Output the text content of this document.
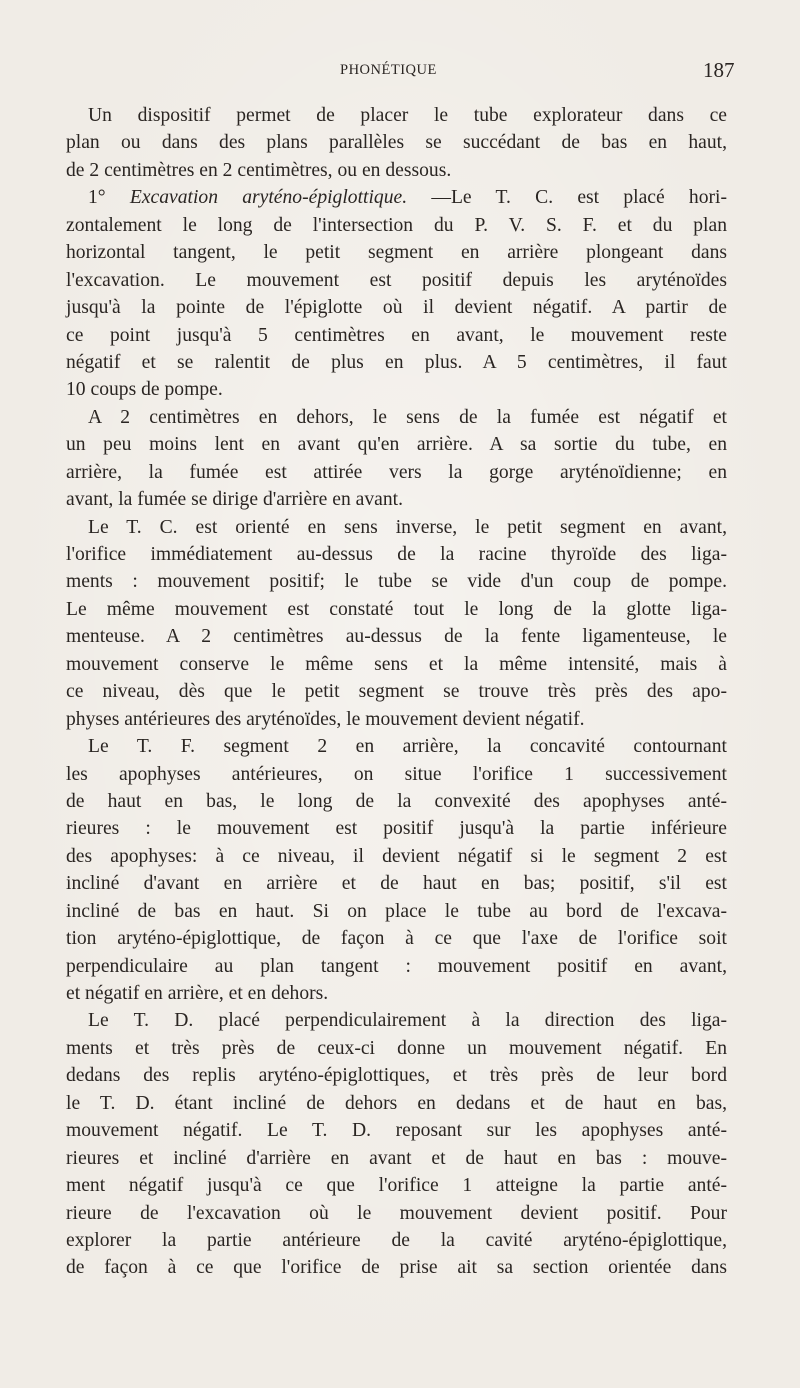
PHONÉTIQUE	187
Un dispositif permet de placer le tube explorateur dans ce
plan ou dans des plans parallèles se succédant de bas en haut,
de 2 centimètres en 2 centimètres, ou en dessous.
1° Excavation aryténo-épiglottique. —Le T. C. est placé hori-
zontalement le long de l'intersection du P. V. S. F. et du plan
horizontal tangent, le petit segment en arrière plongeant dans
l'excavation. Le mouvement est positif depuis les aryténoïdes
jusqu'à la pointe de l'épiglotte où il devient négatif. A partir de
ce point jusqu'à 5 centimètres en avant, le mouvement reste
négatif et se ralentit de plus en plus. A 5 centimètres, il faut
10 coups de pompe.
A 2 centimètres en dehors, le sens de la fumée est négatif et
un peu moins lent en avant qu'en arrière. A sa sortie du tube, en
arrière, la fumée est attirée vers la gorge aryténoïdienne; en
avant, la fumée se dirige d'arrière en avant.
Le T. C. est orienté en sens inverse, le petit segment en avant,
l'orifice immédiatement au-dessus de la racine thyroïde des liga-
ments : mouvement positif; le tube se vide d'un coup de pompe.
Le même mouvement est constaté tout le long de la glotte liga-
menteuse. A 2 centimètres au-dessus de la fente ligamenteuse, le
mouvement conserve le même sens et la même intensité, mais à
ce niveau, dès que le petit segment se trouve très près des apo-
physes antérieures des aryténoïdes, le mouvement devient négatif.
Le T. F. segment 2 en arrière, la concavité contournant
les apophyses antérieures, on situe l'orifice 1 successivement
de haut en bas, le long de la convexité des apophyses anté-
rieures : le mouvement est positif jusqu'à la partie inférieure
des apophyses: à ce niveau, il devient négatif si le segment 2 est
incliné d'avant en arrière et de haut en bas; positif, s'il est
incliné de bas en haut. Si on place le tube au bord de l'excava-
tion aryténo-épiglottique, de façon à ce que l'axe de l'orifice soit
perpendiculaire au plan tangent : mouvement positif en avant,
et négatif en arrière, et en dehors.
Le T. D. placé perpendiculairement à la direction des liga-
ments et très près de ceux-ci donne un mouvement négatif. En
dedans des replis aryténo-épiglottiques, et très près de leur bord
le T. D. étant incliné de dehors en dedans et de haut en bas,
mouvement négatif. Le T. D. reposant sur les apophyses anté-
rieures et incliné d'arrière en avant et de haut en bas : mouve-
ment négatif jusqu'à ce que l'orifice 1 atteigne la partie anté-
rieure de l'excavation où le mouvement devient positif. Pour
explorer la partie antérieure de la cavité aryténo-épiglottique,
de façon à ce que l'orifice de prise ait sa section orientée dans
